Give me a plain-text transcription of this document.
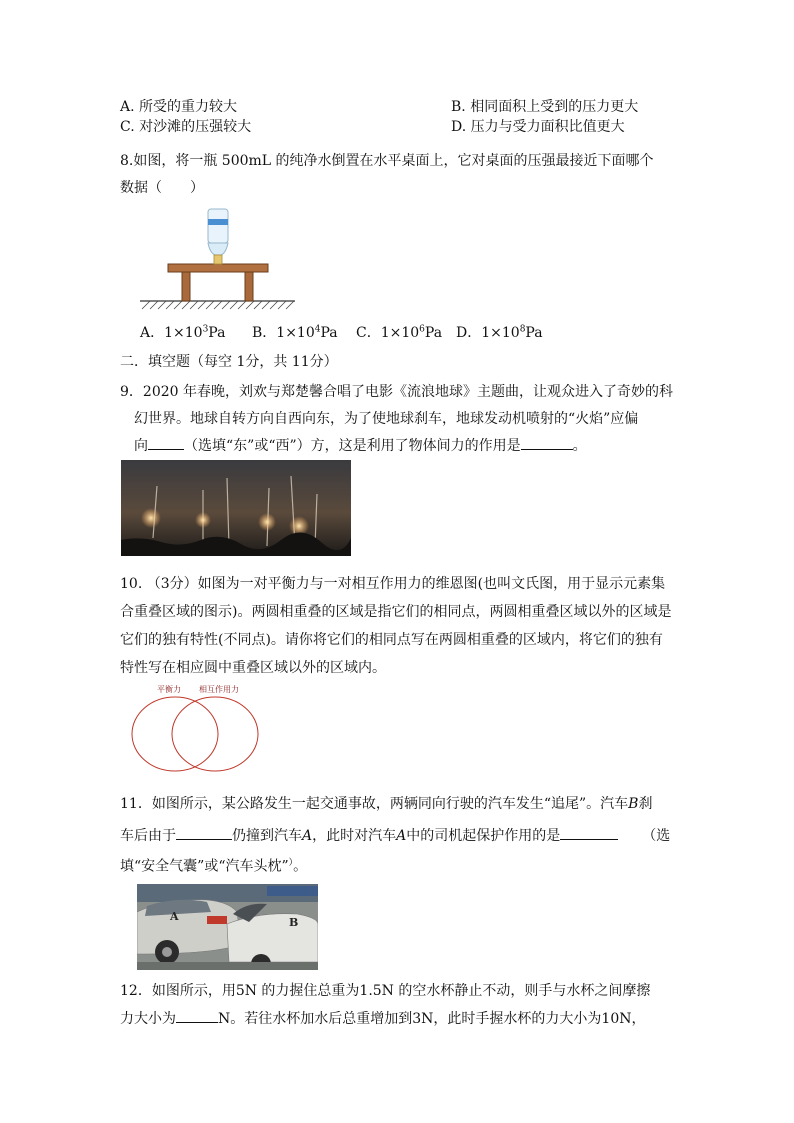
A. 所受的重力较大	B. 相同面积上受到的压力更大
C. 对沙滩的压强较大	D. 压力与受力面积比值更大
8.如图，将一瓶 500mL 的纯净水倒置在水平桌面上，它对桌面的压强最接近下面哪个
数据（　　）
A．$1\times 10^3Pa$ B．$1\times 10^4Pa$ C．$1\times 10^6Pa$ D．$1\times 10^8Pa$
二．填空题（每空 1分，共 11分）
9．2020 年春晚，刘欢与郑楚馨合唱了电影《流浪地球》主题曲，让观众进入了奇妙的科
幻世界。地球自转方向自西向东，为了使地球刹车，地球发动机喷射的“火焰”应偏
向	（选填“东”或“西”）方，这是利用了物体间力的作用是	。
10. （3分）如图为一对平衡力与一对相互作用力的维恩图(也叫文氏图，用于显示元素集
合重叠区域的图示)。两圆相重叠的区域是指它们的相同点，两圆相重叠区域以外的区域是
它们的独有特性(不同点)。请你将它们的相同点写在两圆相重叠的区域内，将它们的独有
特性写在相应圆中重叠区域以外的区域内。
平衡力 相互作用力
11．如图所示，某公路发生一起交通事故，两辆同向行驶的汽车发生“追尾”。汽车B刹
车后由于	仍撞到汽车A，此时对汽车A中的司机起保护作用的是	（选
填“安全气囊”或“汽车头枕”）。
A	B
12．如图所示，用5N 的力握住总重为1.5N 的空水杯静止不动，则手与水杯之间摩擦
力大小为	N。若往水杯加水后总重增加到3N，此时手握水杯的力大小为10N，
